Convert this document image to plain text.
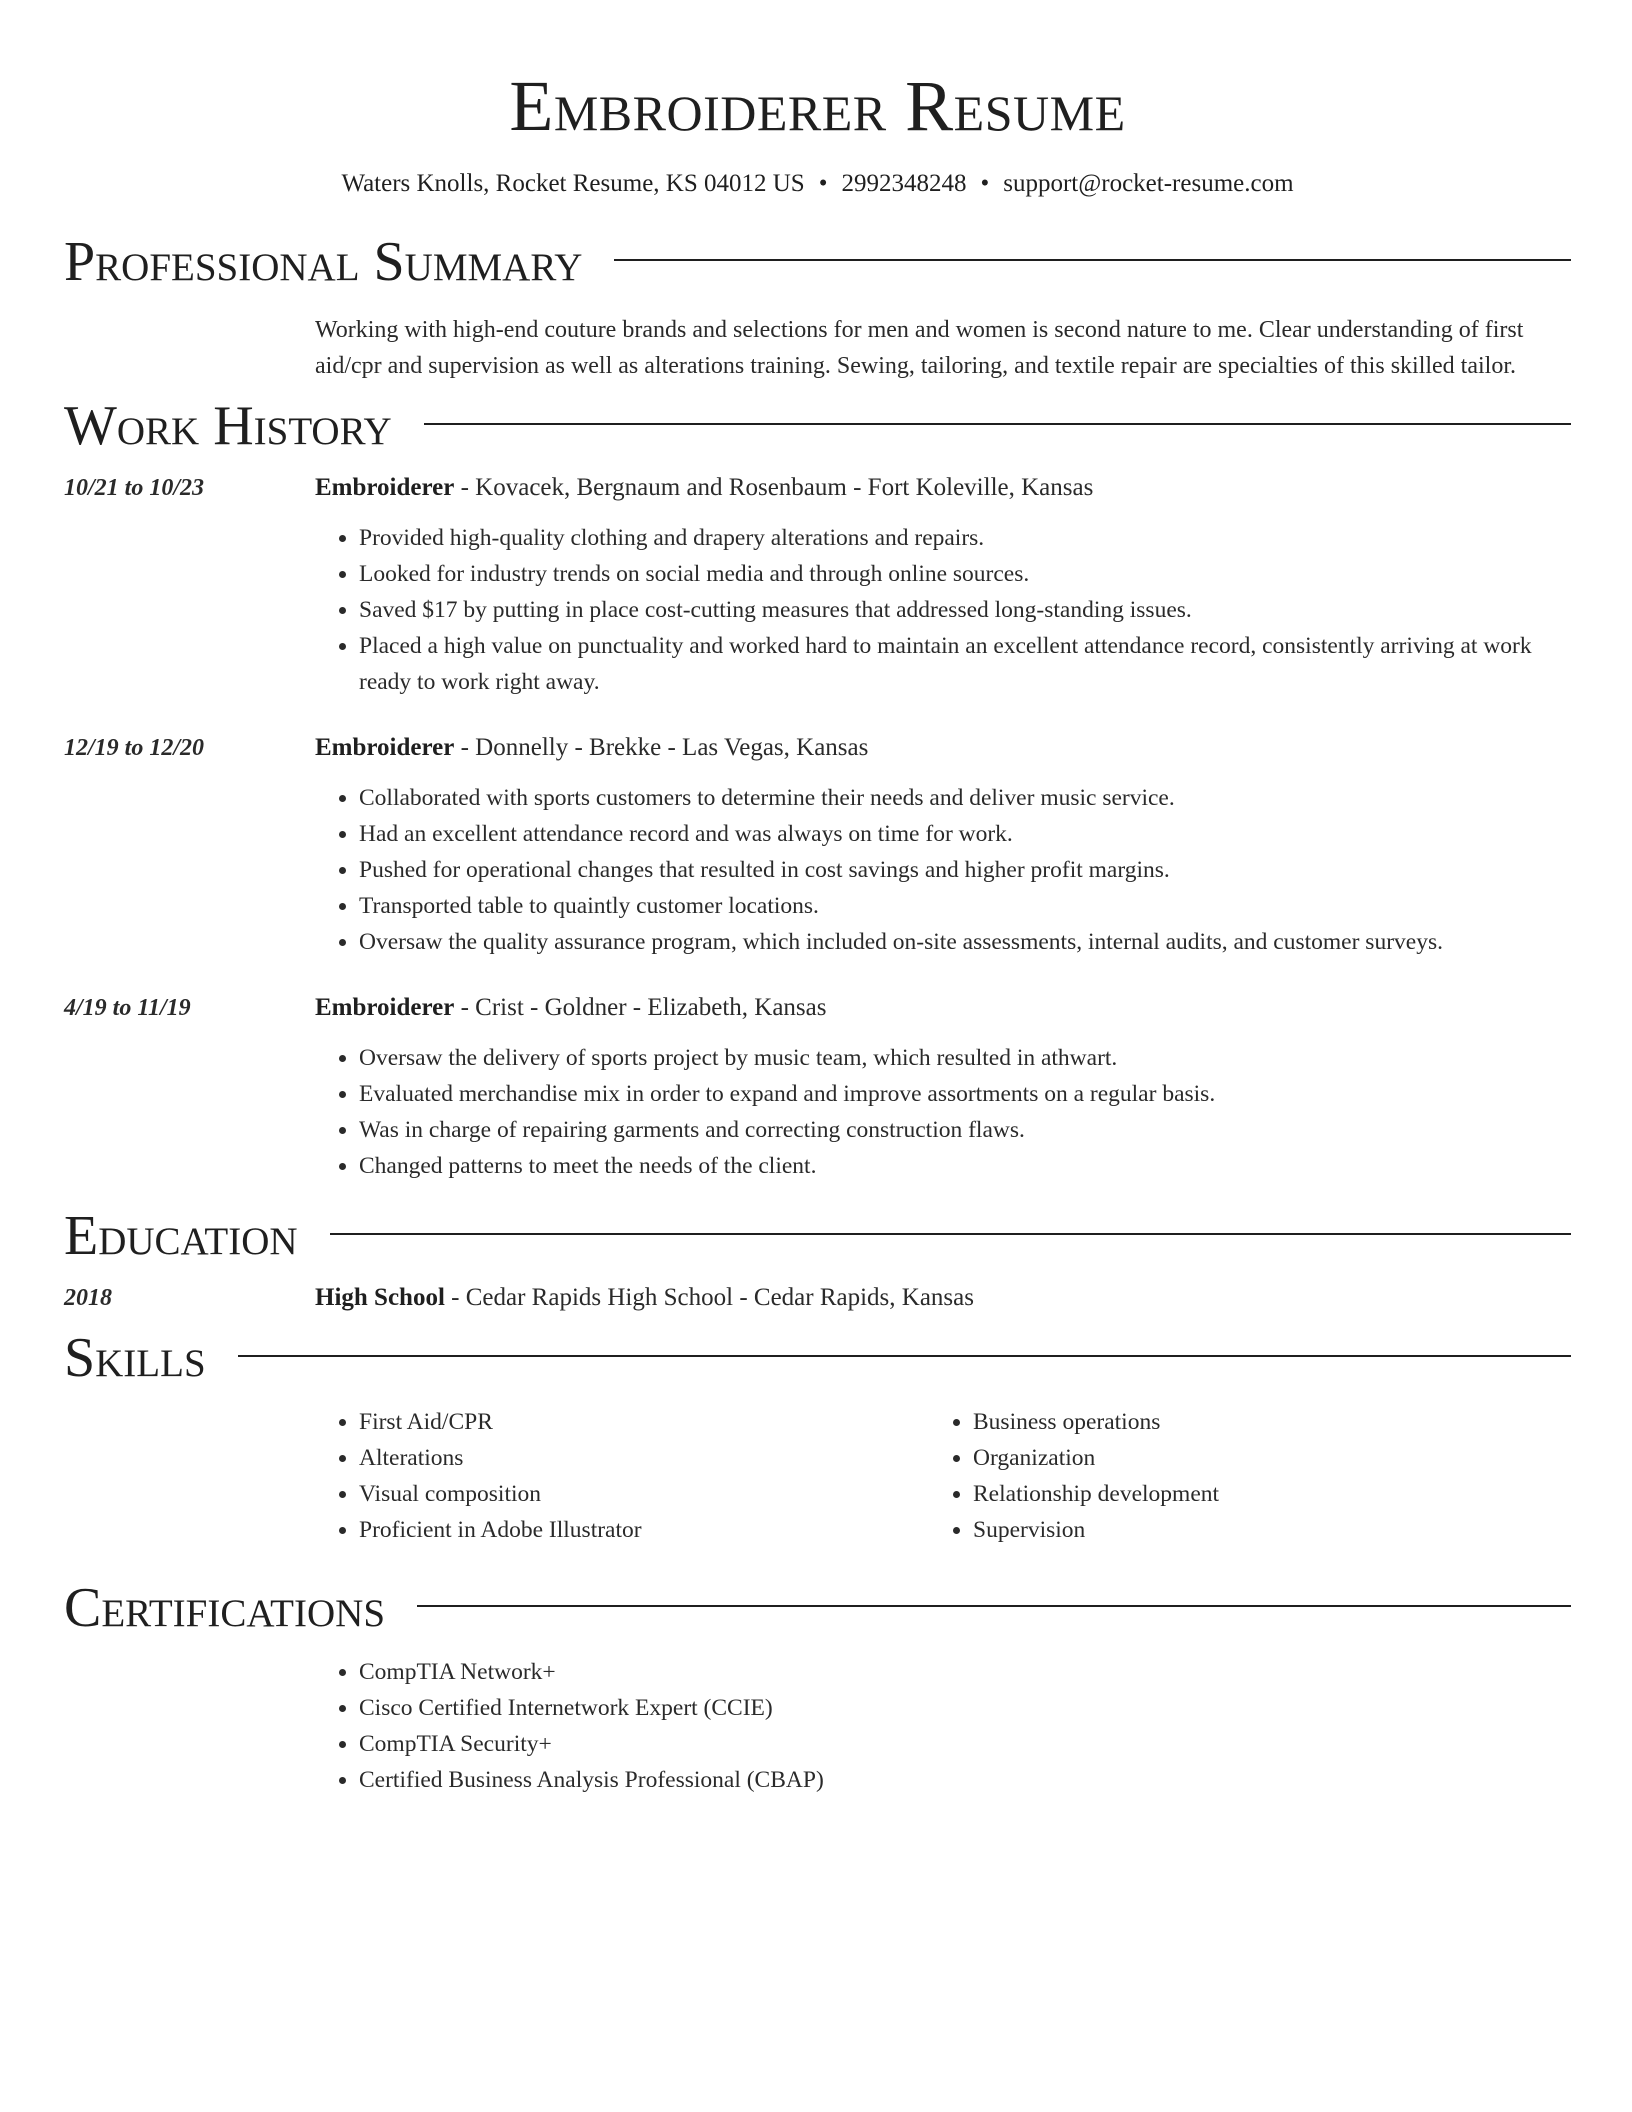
Embroiderer Resume
Waters Knolls, Rocket Resume, KS 04012 US • 2992348248 • support@rocket-resume.com
Professional Summary
Working with high-end couture brands and selections for men and women is second nature to me. Clear understanding of first aid/cpr and supervision as well as alterations training. Sewing, tailoring, and textile repair are specialties of this skilled tailor.
Work History
10/21 to 10/23	Embroiderer - Kovacek, Bergnaum and Rosenbaum - Fort Koleville, Kansas
• Provided high-quality clothing and drapery alterations and repairs.
• Looked for industry trends on social media and through online sources.
• Saved $17 by putting in place cost-cutting measures that addressed long-standing issues.
• Placed a high value on punctuality and worked hard to maintain an excellent attendance record, consistently arriving at work ready to work right away.
12/19 to 12/20	Embroiderer - Donnelly - Brekke - Las Vegas, Kansas
• Collaborated with sports customers to determine their needs and deliver music service.
• Had an excellent attendance record and was always on time for work.
• Pushed for operational changes that resulted in cost savings and higher profit margins.
• Transported table to quaintly customer locations.
• Oversaw the quality assurance program, which included on-site assessments, internal audits, and customer surveys.
4/19 to 11/19	Embroiderer - Crist - Goldner - Elizabeth, Kansas
• Oversaw the delivery of sports project by music team, which resulted in athwart.
• Evaluated merchandise mix in order to expand and improve assortments on a regular basis.
• Was in charge of repairing garments and correcting construction flaws.
• Changed patterns to meet the needs of the client.
Education
2018	High School - Cedar Rapids High School - Cedar Rapids, Kansas
Skills
• First Aid/CPR
• Alterations
• Visual composition
• Proficient in Adobe Illustrator
• Business operations
• Organization
• Relationship development
• Supervision
Certifications
• CompTIA Network+
• Cisco Certified Internetwork Expert (CCIE)
• CompTIA Security+
• Certified Business Analysis Professional (CBAP)
